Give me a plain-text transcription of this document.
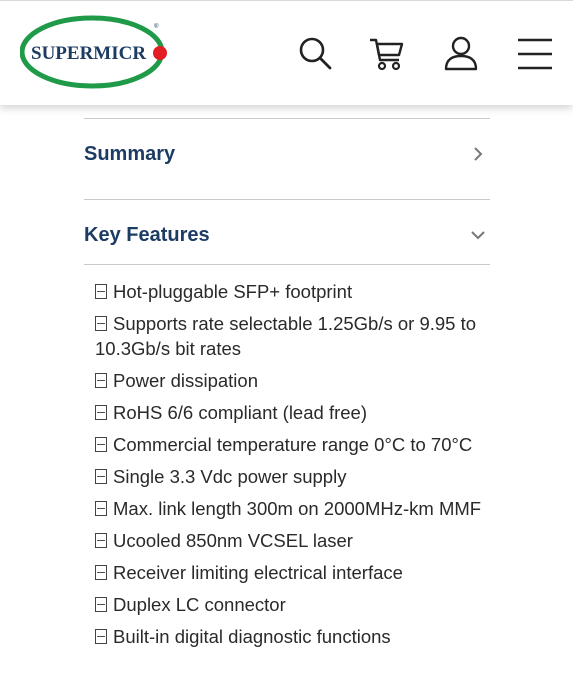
SUPERMICR
®
Summary
Key Features
Hot-pluggable SFP+ footprint
Supports rate selectable 1.25Gb/s or 9.95 to 10.3Gb/s bit rates
Power dissipation
RoHS 6/6 compliant (lead free)
Commercial temperature range 0°C to 70°C
Single 3.3 Vdc power supply
Max. link length 300m on 2000MHz-km MMF
Ucooled 850nm VCSEL laser
Receiver limiting electrical interface
Duplex LC connector
Built-in digital diagnostic functions
